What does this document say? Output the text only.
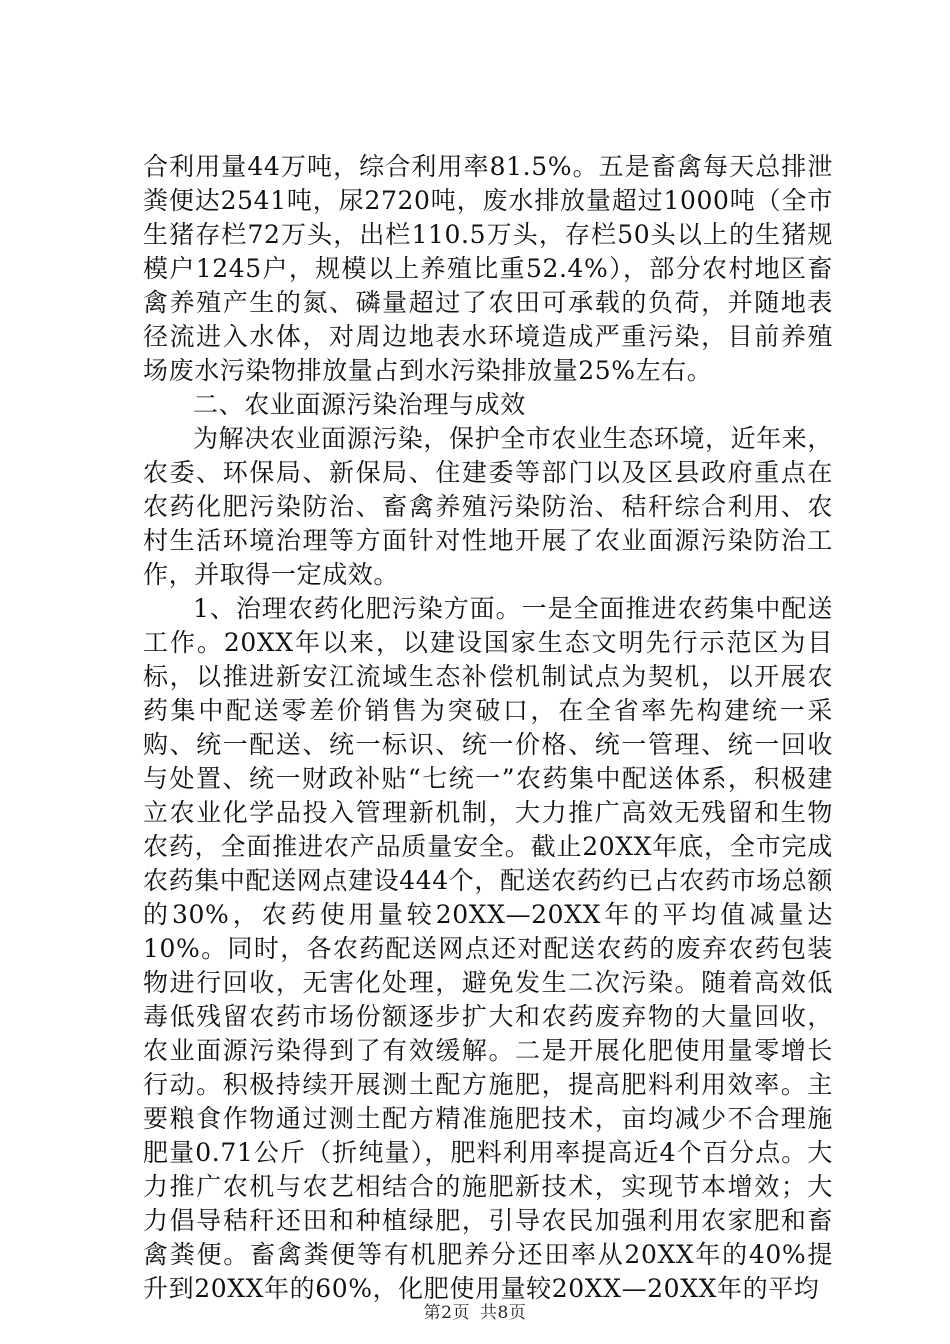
合利用量44万吨，综合利用率81.5%。五是畜禽每天总排泄粪便达2541吨，尿2720吨，废水排放量超过1000吨（全市生猪存栏72万头，出栏110.5万头，存栏50头以上的生猪规模户1245户，规模以上养殖比重52.4%），部分农村地区畜禽养殖产生的氮、磷量超过了农田可承载的负荷，并随地表径流进入水体，对周边地表水环境造成严重污染，目前养殖场废水污染物排放量占到水污染排放量25%左右。

二、农业面源污染治理与成效

为解决农业面源污染，保护全市农业生态环境，近年来，农委、环保局、新保局、住建委等部门以及区县政府重点在农药化肥污染防治、畜禽养殖污染防治、秸秆综合利用、农村生活环境治理等方面针对性地开展了农业面源污染防治工作，并取得一定成效。

1、治理农药化肥污染方面。一是全面推进农药集中配送工作。20XX年以来，以建设国家生态文明先行示范区为目标，以推进新安江流域生态补偿机制试点为契机，以开展农药集中配送零差价销售为突破口，在全省率先构建统一采购、统一配送、统一标识、统一价格、统一管理、统一回收与处置、统一财政补贴“七统一”农药集中配送体系，积极建立农业化学品投入管理新机制，大力推广高效无残留和生物农药，全面推进农产品质量安全。截止20XX年底，全市完成农药集中配送网点建设444个，配送农药约已占农药市场总额的30%，农药使用量较20XX—20XX年的平均值减量达10%。同时，各农药配送网点还对配送农药的废弃农药包装物进行回收，无害化处理，避免发生二次污染。随着高效低毒低残留农药市场份额逐步扩大和农药废弃物的大量回收，农业面源污染得到了有效缓解。二是开展化肥使用量零增长行动。积极持续开展测土配方施肥，提高肥料利用效率。主要粮食作物通过测土配方精准施肥技术，亩均减少不合理施肥量0.71公斤（折纯量），肥料利用率提高近4个百分点。大力推广农机与农艺相结合的施肥新技术，实现节本增效；大力倡导秸秆还田和种植绿肥，引导农民加强利用农家肥和畜禽粪便。畜禽粪便等有机肥养分还田率从20XX年的40%提升到20XX年的60%，化肥使用量较20XX—20XX年的平均

第2页 共8页
